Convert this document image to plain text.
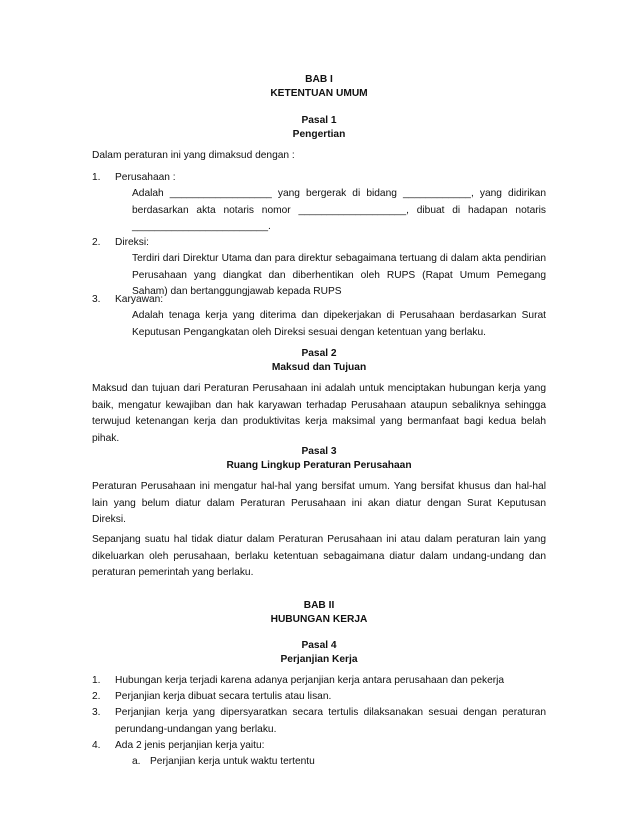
BAB I
KETENTUAN UMUM
Pasal 1
Pengertian
Dalam peraturan ini yang dimaksud dengan :
1.	Perusahaan :

Adalah __________________ yang bergerak di bidang ____________, yang didirikan berdasarkan akta notaris nomor ___________________, dibuat di hadapan notaris ________________________.

2.	Direksi:

Terdiri dari Direktur Utama dan para direktur sebagaimana tertuang di dalam akta pendirian Perusahaan yang diangkat dan diberhentikan oleh RUPS (Rapat Umum Pemegang Saham) dan bertanggungjawab kepada RUPS

3.	Karyawan:

Adalah tenaga kerja yang diterima dan dipekerjakan di Perusahaan berdasarkan Surat Keputusan Pengangkatan oleh Direksi sesuai dengan ketentuan yang berlaku.

Pasal 2
Maksud dan Tujuan

Maksud dan tujuan dari Peraturan Perusahaan ini adalah untuk menciptakan hubungan kerja yang baik, mengatur kewajiban dan hak karyawan terhadap Perusahaan ataupun sebaliknya sehingga terwujud ketenangan kerja dan produktivitas kerja maksimal yang bermanfaat bagi kedua belah pihak.

Pasal 3
Ruang Lingkup Peraturan Perusahaan

Peraturan Perusahaan ini mengatur hal-hal yang bersifat umum. Yang bersifat khusus dan hal-hal lain yang belum diatur dalam Peraturan Perusahaan ini akan diatur dengan Surat Keputusan Direksi.

Sepanjang suatu hal tidak diatur dalam Peraturan Perusahaan ini atau dalam peraturan lain yang dikeluarkan oleh perusahaan, berlaku ketentuan sebagaimana diatur dalam undang-undang dan peraturan pemerintah yang berlaku.

BAB II
HUBUNGAN KERJA
Pasal 4
Perjanjian Kerja
1.	Hubungan kerja terjadi karena adanya perjanjian kerja antara perusahaan dan pekerja

2.	Perjanjian kerja dibuat secara tertulis atau lisan.

3.	Perjanjian kerja yang dipersyaratkan secara tertulis dilaksanakan sesuai dengan peraturan perundang-undangan yang berlaku.

4.	Ada 2 jenis perjanjian kerja yaitu:

a. Perjanjian kerja untuk waktu tertentu
